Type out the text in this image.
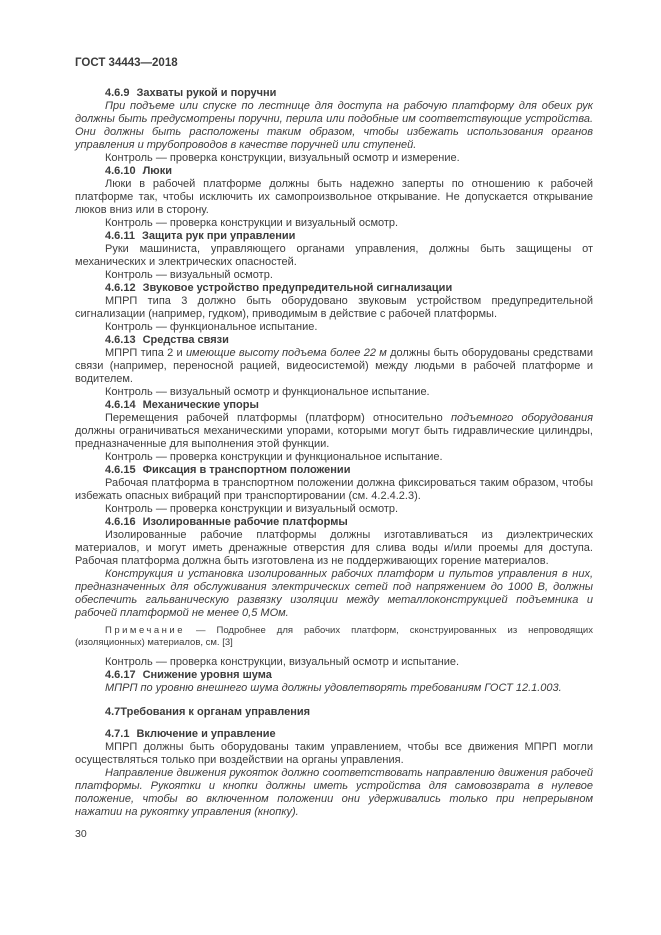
ГОСТ 34443—2018
4.6.9 Захваты рукой и поручни

При подъеме или спуске по лестнице для доступа на рабочую платформу для обеих рук должны быть предусмотрены поручни, перила или подобные им соответствующие устройства. Они должны быть расположены таким образом, чтобы избежать использования органов управления и трубопроводов в качестве поручней или ступеней.

Контроль — проверка конструкции, визуальный осмотр и измерение.

4.6.10 Люки

Люки в рабочей платформе должны быть надежно заперты по отношению к рабочей платформе так, чтобы исключить их самопроизвольное открывание. Не допускается открывание люков вниз или в сторону.

Контроль — проверка конструкции и визуальный осмотр.

4.6.11 Защита рук при управлении

Руки машиниста, управляющего органами управления, должны быть защищены от механических и электрических опасностей.

Контроль — визуальный осмотр.

4.6.12 Звуковое устройство предупредительной сигнализации

МПРП типа 3 должно быть оборудовано звуковым устройством предупредительной сигнализации (например, гудком), приводимым в действие с рабочей платформы.

Контроль — функциональное испытание.

4.6.13 Средства связи

МПРП типа 2 и имеющие высоту подъема более 22 м должны быть оборудованы средствами связи (например, переносной рацией, видеосистемой) между людьми в рабочей платформе и водителем.

Контроль — визуальный осмотр и функциональное испытание.

4.6.14 Механические упоры

Перемещения рабочей платформы (платформ) относительно подъемного оборудования должны ограничиваться механическими упорами, которыми могут быть гидравлические цилиндры, предназначенные для выполнения этой функции.

Контроль — проверка конструкции и функциональное испытание.

4.6.15 Фиксация в транспортном положении

Рабочая платформа в транспортном положении должна фиксироваться таким образом, чтобы избежать опасных вибраций при транспортировании (см. 4.2.4.2.3).

Контроль — проверка конструкции и визуальный осмотр.

4.6.16 Изолированные рабочие платформы

Изолированные рабочие платформы должны изготавливаться из диэлектрических материалов, и могут иметь дренажные отверстия для слива воды и/или проемы для доступа. Рабочая платформа должна быть изготовлена из не поддерживающих горение материалов.

Конструкция и установка изолированных рабочих платформ и пультов управления в них, предназначенных для обслуживания электрических сетей под напряжением до 1000 В, должны обеспечить гальваническую развязку изоляции между металлоконструкцией подъемника и рабочей платформой не менее 0,5 МОм.

Примечание — Подробнее для рабочих платформ, сконструированных из непроводящих (изоляционных) материалов, см. [3]

Контроль — проверка конструкции, визуальный осмотр и испытание.

4.6.17 Снижение уровня шума

МПРП по уровню внешнего шума должны удовлетворять требованиям ГОСТ 12.1.003.

4.7Требования к органам управления
4.7.1 Включение и управление

МПРП должны быть оборудованы таким управлением, чтобы все движения МПРП могли осуществляться только при воздействии на органы управления.

Направление движения рукояток должно соответствовать направлению движения рабочей платформы. Рукоятки и кнопки должны иметь устройства для самовозврата в нулевое положение, чтобы во включенном положении они удерживались только при непрерывном нажатии на рукоятку управления (кнопку).

30
